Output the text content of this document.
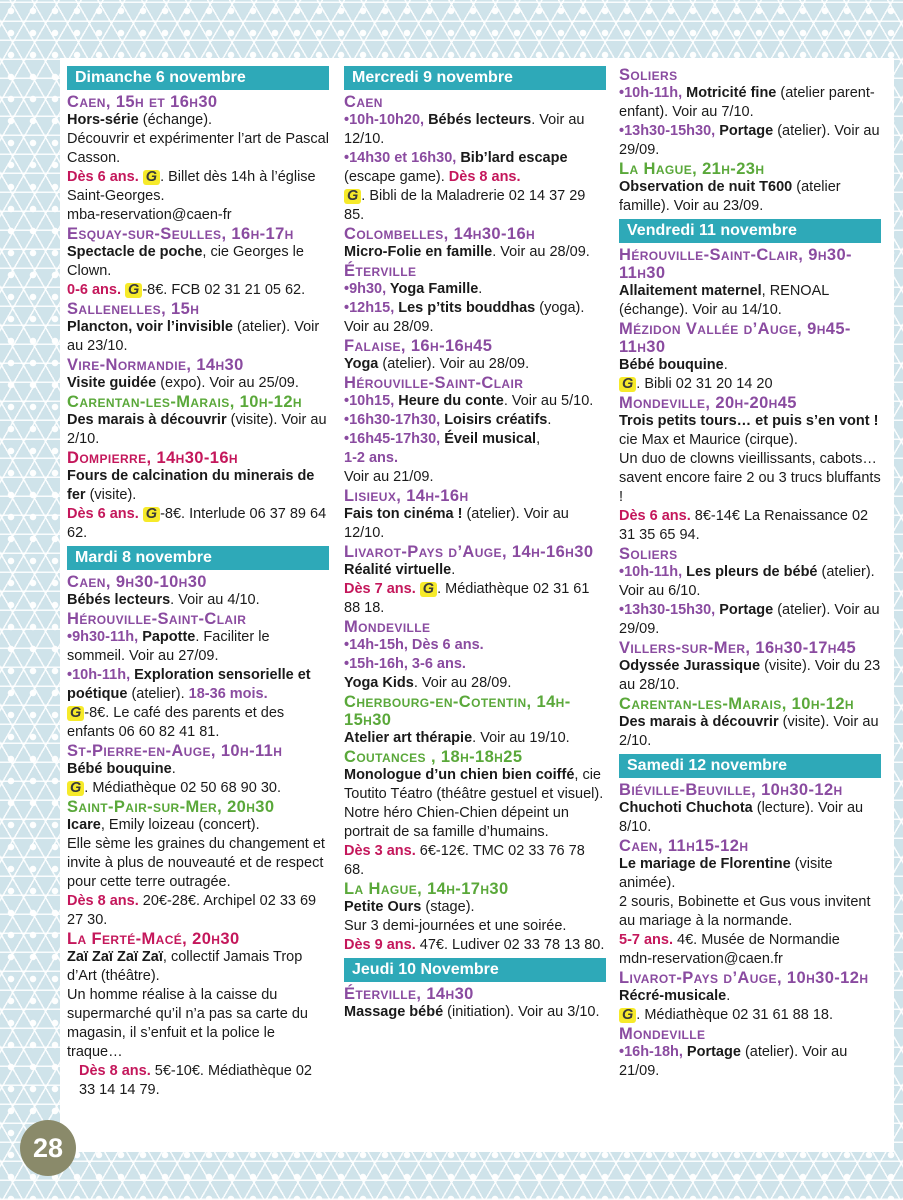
Dimanche 6 novembre
Caen, 15h et 16h30
Hors-série (échange).
Découvrir et expérimenter l’art de Pascal Casson.
Dès 6 ans. G . Billet dès 14h à l’église Saint-Georges.
mba-reservation@caen-fr
Esquay-sur-Seulles, 16h-17h
Spectacle de poche, cie Georges le Clown.
0-6 ans. G -8€. FCB 02 31 21 05 62.
Sallenelles, 15h
Plancton, voir l’invisible (atelier). Voir au 23/10.
Vire-Normandie, 14h30
Visite guidée (expo). Voir au 25/09.
Carentan-les-Marais, 10h-12h
Des marais à découvrir (visite). Voir au 2/10.
Dompierre, 14h30-16h
Fours de calcination du minerais de fer (visite).
Dès 6 ans. G -8€. Interlude 06 37 89 64 62.
Mardi 8 novembre
Caen, 9h30-10h30
Bébés lecteurs. Voir au 4/10.
Hérouville-Saint-Clair
•9h30-11h, Papotte. Faciliter le sommeil. Voir au 27/09.
•10h-11h, Exploration sensorielle et poétique (atelier). 18-36 mois.
G -8€. Le café des parents et des enfants 06 60 82 41 81.
St-Pierre-en-Auge, 10h-11h
Bébé bouquine.
G . Médiathèque 02 50 68 90 30.
Saint-Pair-sur-Mer, 20h30
Icare, Emily loizeau (concert).
Elle sème les graines du changement et invite à plus de nouveauté et de respect pour cette terre outragée.
Dès 8 ans. 20€-28€. Archipel 02 33 69 27 30.
La Ferté-Macé, 20h30
Zaï Zaï Zaï Zaï, collectif Jamais Trop d’Art (théâtre).
Un homme réalise à la caisse du supermarché qu’il n’a pas sa carte du magasin, il s’enfuit et la police le traque…
Dès 8 ans. 5€-10€. Médiathèque 02 33 14 14 79.
Mercredi 9 novembre
Caen
•10h-10h20, Bébés lecteurs. Voir au 12/10.
•14h30 et 16h30, Bib’lard escape (escape game). Dès 8 ans.
G . Bibli de la Maladrerie 02 14 37 29 85.
Colombelles, 14h30-16h
Micro-Folie en famille. Voir au 28/09.
Éterville
•9h30, Yoga Famille.
•12h15, Les p’tits bouddhas (yoga). Voir au 28/09.
Falaise, 16h-16h45
Yoga (atelier). Voir au 28/09.
Hérouville-Saint-Clair
•10h15, Heure du conte. Voir au 5/10.
•16h30-17h30, Loisirs créatifs.
•16h45-17h30, Éveil musical,
1-2 ans.
Voir au 21/09.
Lisieux, 14h-16h
Fais ton cinéma ! (atelier). Voir au 12/10.
Livarot-Pays d’Auge, 14h-16h30
Réalité virtuelle.
Dès 7 ans. G . Médiathèque 02 31 61 88 18.
Mondeville
•14h-15h, Dès 6 ans.
•15h-16h, 3-6 ans.
Yoga Kids. Voir au 28/09.
Cherbourg-en-Cotentin, 14h-15h30
Atelier art thérapie. Voir au 19/10.
Coutances , 18h-18h25
Monologue d’un chien bien coiffé, cie Toutito Téatro (théâtre gestuel et visuel).
Notre héro Chien-Chien dépeint un portrait de sa famille d’humains.
Dès 3 ans. 6€-12€. TMC 02 33 76 78 68.
La Hague, 14h-17h30
Petite Ours (stage).
Sur 3 demi-journées et une soirée.
Dès 9 ans. 47€. Ludiver 02 33 78 13 80.
Jeudi 10 Novembre
Éterville, 14h30
Massage bébé (initiation). Voir au 3/10.
Soliers
•10h-11h, Motricité fine (atelier parent-enfant). Voir au 7/10.
•13h30-15h30, Portage (atelier). Voir au 29/09.
La Hague, 21h-23h
Observation de nuit T600 (atelier famille). Voir au 23/09.
Vendredi 11 novembre
Hérouville-Saint-Clair, 9h30-11h30
Allaitement maternel, RENOAL (échange). Voir au 14/10.
Mézidon Vallée d’Auge, 9h45-11h30
Bébé bouquine.
G . Bibli 02 31 20 14 20
Mondeville, 20h-20h45
Trois petits tours… et puis s’en vont ! cie Max et Maurice (cirque).
Un duo de clowns vieillissants, cabots… savent encore faire 2 ou 3 trucs bluffants !
Dès 6 ans. 8€-14€ La Renaissance 02 31 35 65 94.
Soliers
•10h-11h, Les pleurs de bébé (atelier). Voir au 6/10.
•13h30-15h30, Portage (atelier). Voir au 29/09.
Villers-sur-Mer, 16h30-17h45
Odyssée Jurassique (visite). Voir du 23 au 28/10.
Carentan-les-Marais, 10h-12h
Des marais à découvrir (visite). Voir au 2/10.
Samedi 12 novembre
Biéville-Beuville, 10h30-12h
Chuchoti Chuchota (lecture). Voir au 8/10.
Caen, 11h15-12h
Le mariage de Florentine (visite animée).
2 souris, Bobinette et Gus vous invitent au mariage à la normande.
5-7 ans. 4€. Musée de Normandie
mdn-reservation@caen.fr
Livarot-Pays d’Auge, 10h30-12h
Récré-musicale.
G . Médiathèque 02 31 61 88 18.
Mondeville
•16h-18h, Portage (atelier). Voir au 21/09.
28
